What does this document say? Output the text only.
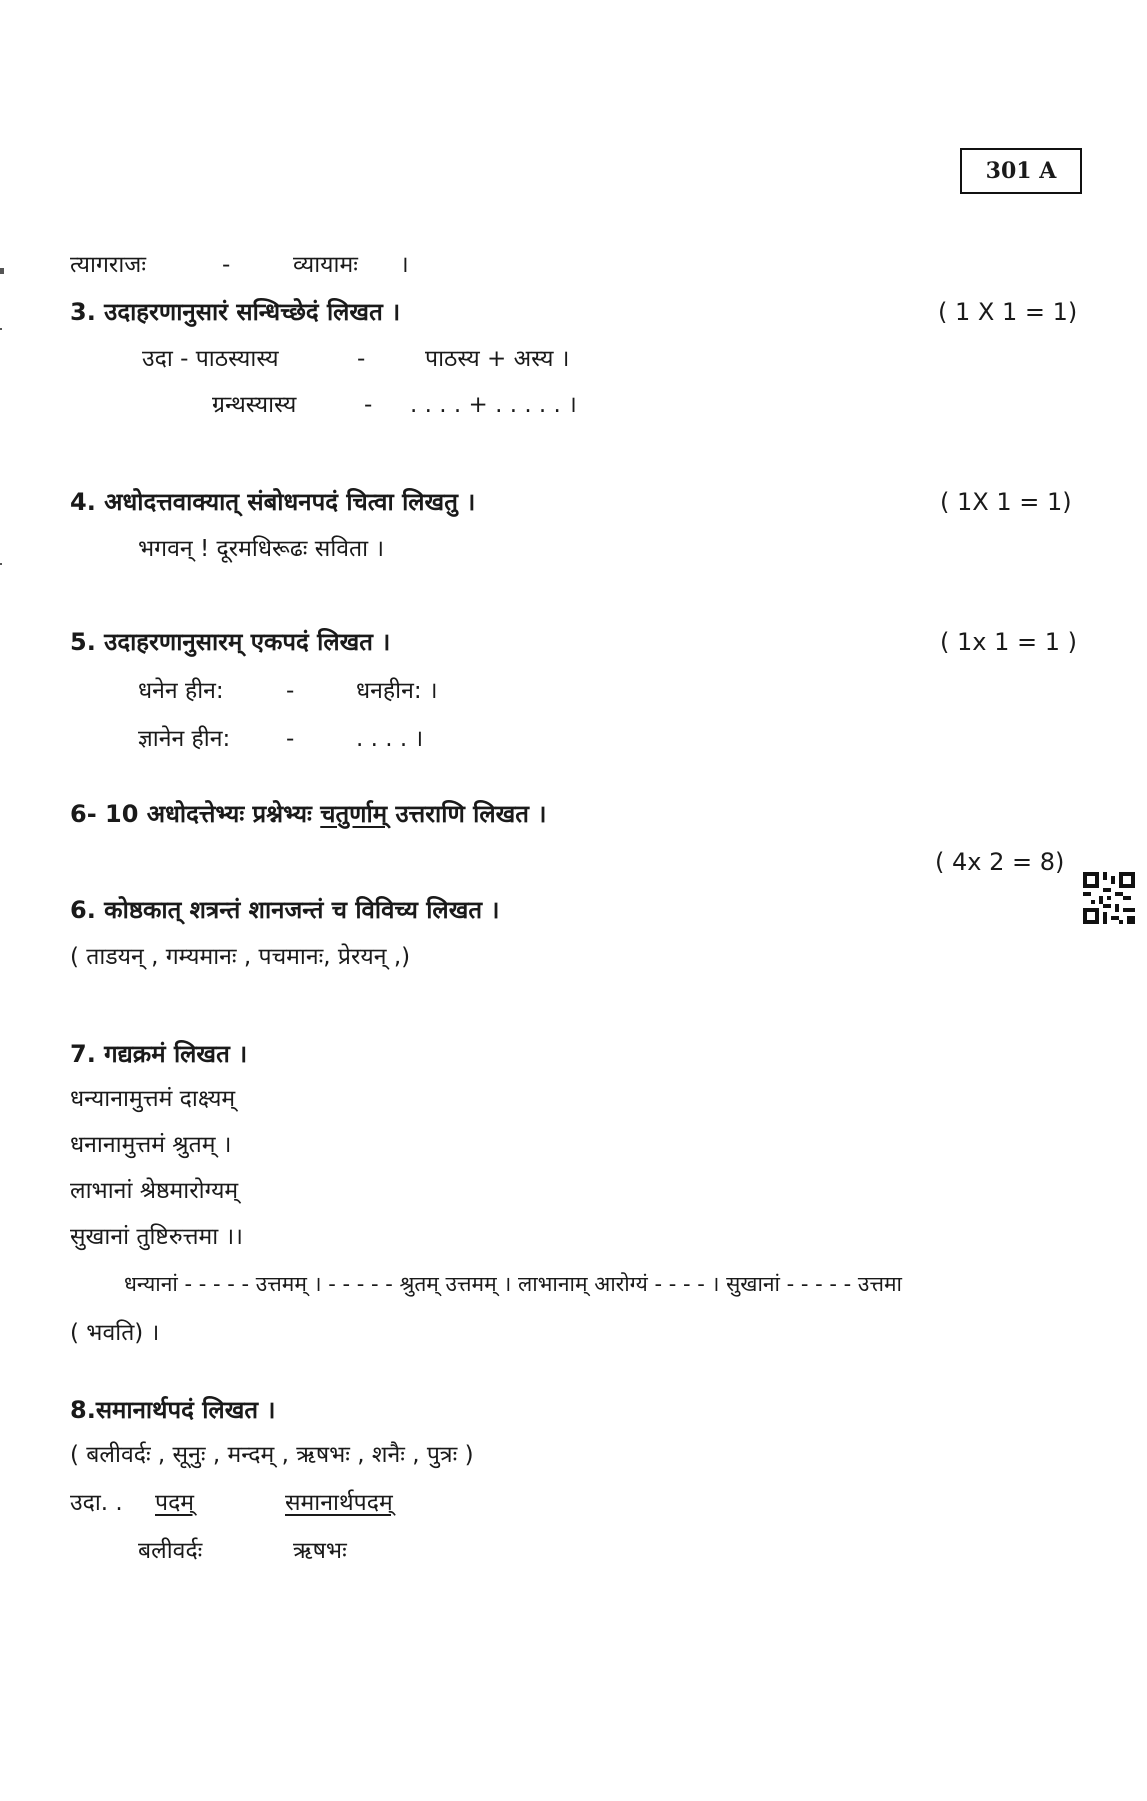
301 A
त्यागराजः	-	व्यायामः ।
3. उदाहरणानुसारं सन्धिच्छेदं लिखत ।	( 1 X 1 = 1)
उदा - पाठस्यास्य	-	पाठस्य + अस्य ।
ग्रन्थस्यास्य	- . . . . + . . . . . ।
4. अधोदत्तवाक्यात् संबोधनपदं चित्वा लिखतु ।	( 1X 1 = 1)
भगवन् ! दूरमधिरूढः सविता ।
5. उदाहरणानुसारम् एकपदं लिखत ।	( 1x 1 = 1 )
धनेन हीन:	-	धनहीन: ।
ज्ञानेन हीन: -	. . . . ।
6- 10 अधोदत्तेभ्यः प्रश्नेभ्यः चतुर्णाम् उत्तराणि लिखत ।
( 4x 2 = 8)
6. कोष्ठकात् शत्रन्तं शानजन्तं च विविच्य लिखत ।
( ताडयन् , गम्यमानः , पचमानः, प्रेरयन् ,)
7. गद्यक्रमं लिखत ।
धन्यानामुत्तमं दाक्ष्यम्
धनानामुत्तमं श्रुतम् ।
लाभानां श्रेष्ठमारोग्यम्
सुखानां तुष्टिरुत्तमा ।।
धन्यानां - - - - - उत्तमम् । - - - - - श्रुतम् उत्तमम् । लाभानाम् आरोग्यं - - - - । सुखानां - - - - - उत्तमा
( भवति) ।
8.समानार्थपदं लिखत ।
( बलीवर्दः , सूनुः , मन्दम् , ऋषभः , शनैः , पुत्रः )
उदा. . पदम्	समानार्थपदम्
बलीवर्दः	ऋषभः
